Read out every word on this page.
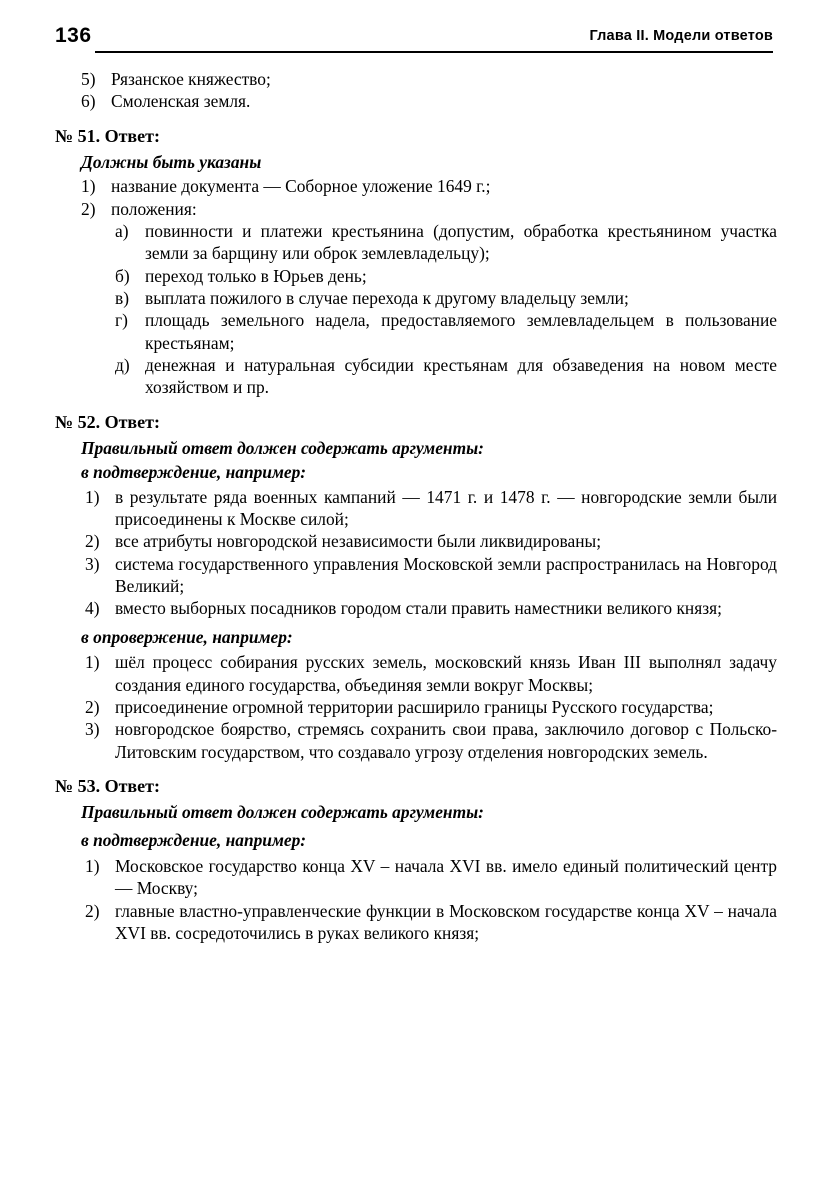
136	Глава II. Модели ответов
5) Рязанское княжество;
6) Смоленская земля.
№ 51. Ответ:
Должны быть указаны
1) название документа — Соборное уложение 1649 г.;
2) положения:
а) повинности и платежи крестьянина (допустим, обработка крестьянином участка земли за барщину или оброк землевладельцу);
б) переход только в Юрьев день;
в) выплата пожилого в случае перехода к другому владельцу земли;
г) площадь земельного надела, предоставляемого землевладельцем в пользование крестьянам;
д) денежная и натуральная субсидии крестьянам для обзаведения на новом месте хозяйством и пр.
№ 52. Ответ:
Правильный ответ должен содержать аргументы:
в подтверждение, например:
1) в результате ряда военных кампаний — 1471 г. и 1478 г. — новгородские земли были присоединены к Москве силой;
2) все атрибуты новгородской независимости были ликвидированы;
3) система государственного управления Московской земли распространилась на Новгород Великий;
4) вместо выборных посадников городом стали править наместники великого князя;
в опровержение, например:
1) шёл процесс собирания русских земель, московский князь Иван III выполнял задачу создания единого государства, объединяя земли вокруг Москвы;
2) присоединение огромной территории расширило границы Русского государства;
3) новгородское боярство, стремясь сохранить свои права, заключило договор с Польско-Литовским государством, что создавало угрозу отделения новгородских земель.
№ 53. Ответ:
Правильный ответ должен содержать аргументы:
в подтверждение, например:
1) Московское государство конца XV – начала XVI вв. имело единый политический центр — Москву;
2) главные властно-управленческие функции в Московском государстве конца XV – начала XVI вв. сосредоточились в руках великого князя;
